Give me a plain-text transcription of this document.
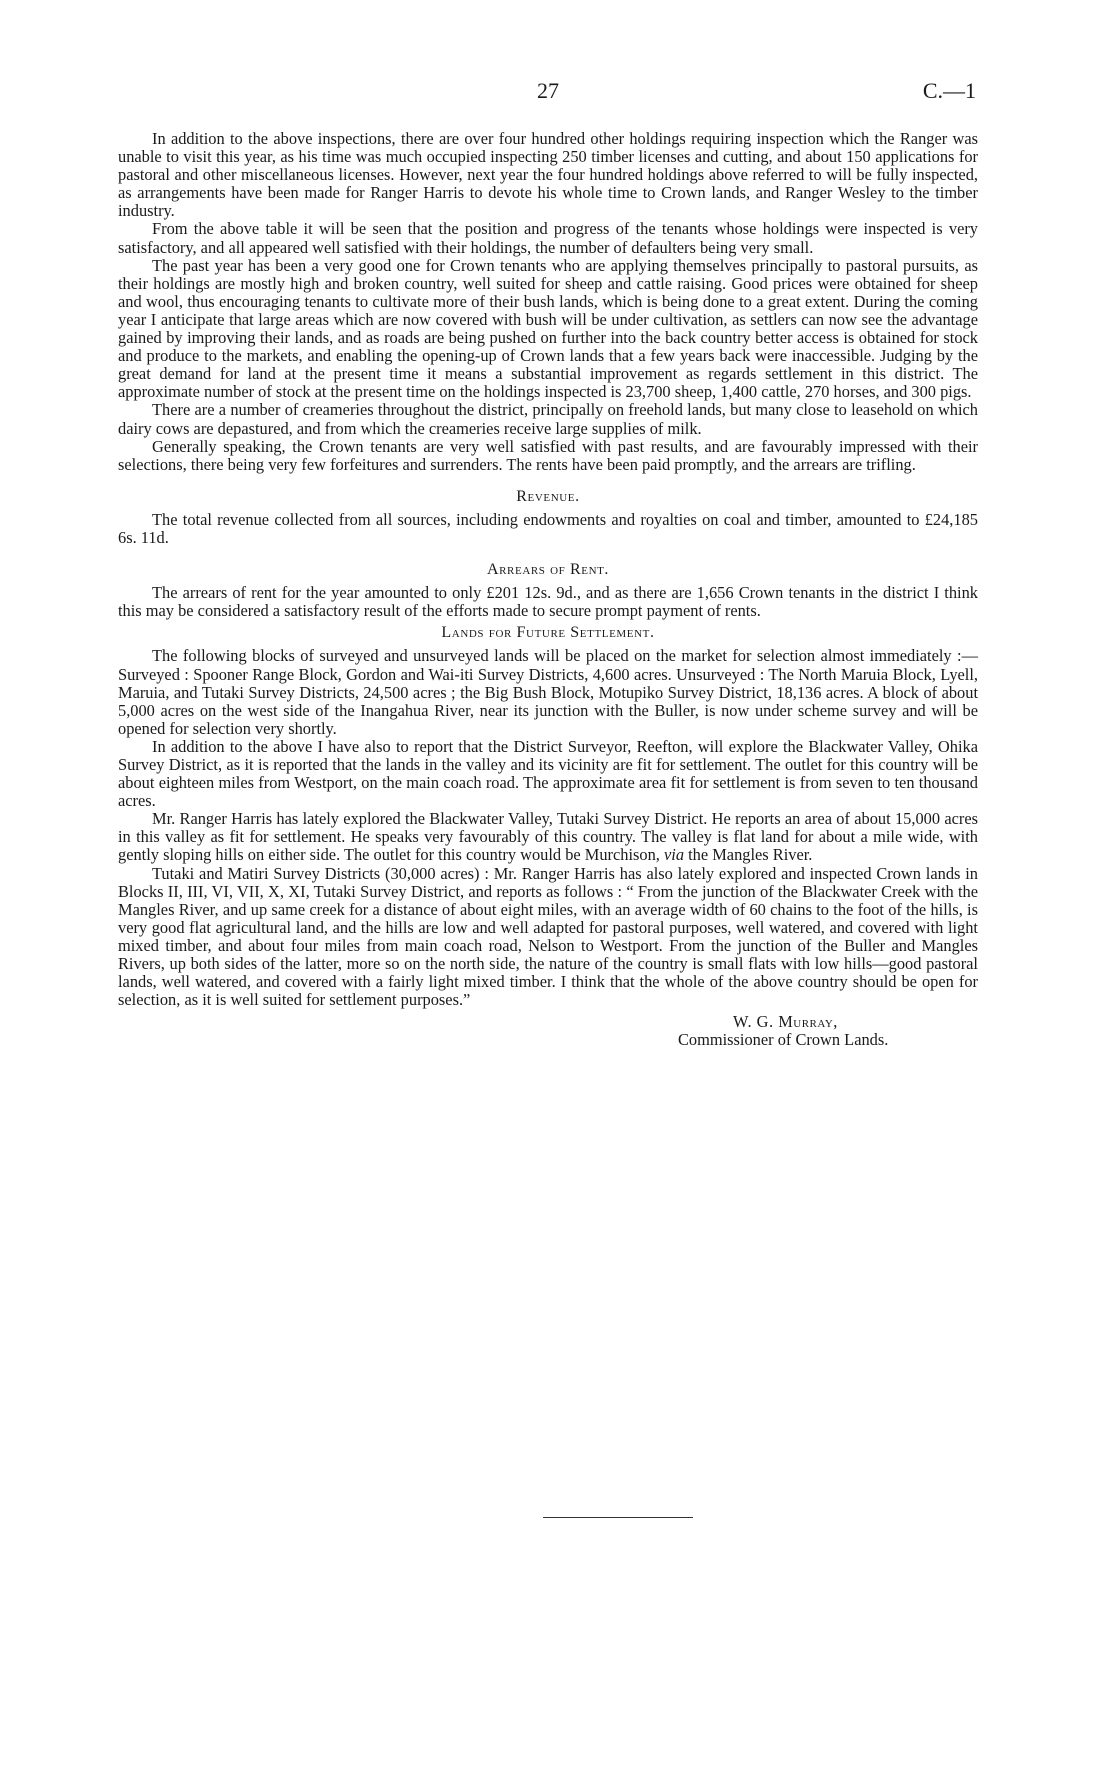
27	C.—1

In addition to the above inspections, there are over four hundred other holdings requiring inspection which the Ranger was unable to visit this year, as his time was much occupied inspecting 250 timber licenses and cutting, and about 150 applications for pastoral and other miscellaneous licenses. However, next year the four hundred holdings above referred to will be fully inspected, as arrangements have been made for Ranger Harris to devote his whole time to Crown lands, and Ranger Wesley to the timber industry.

From the above table it will be seen that the position and progress of the tenants whose holdings were inspected is very satisfactory, and all appeared well satisfied with their holdings, the number of defaulters being very small.

The past year has been a very good one for Crown tenants who are applying themselves principally to pastoral pursuits, as their holdings are mostly high and broken country, well suited for sheep and cattle raising. Good prices were obtained for sheep and wool, thus encouraging tenants to cultivate more of their bush lands, which is being done to a great extent. During the coming year I anticipate that large areas which are now covered with bush will be under cultivation, as settlers can now see the advantage gained by improving their lands, and as roads are being pushed on further into the back country better access is obtained for stock and produce to the markets, and enabling the opening-up of Crown lands that a few years back were inaccessible. Judging by the great demand for land at the present time it means a substantial improvement as regards settlement in this district. The approximate number of stock at the present time on the holdings inspected is 23,700 sheep, 1,400 cattle, 270 horses, and 300 pigs.

There are a number of creameries throughout the district, principally on freehold lands, but many close to leasehold on which dairy cows are depastured, and from which the creameries receive large supplies of milk.

Generally speaking, the Crown tenants are very well satisfied with past results, and are favourably impressed with their selections, there being very few forfeitures and surrenders. The rents have been paid promptly, and the arrears are trifling.

Revenue.

The total revenue collected from all sources, including endowments and royalties on coal and timber, amounted to £24,185 6s. 11d.

Arrears of Rent.

The arrears of rent for the year amounted to only £201 12s. 9d., and as there are 1,656 Crown tenants in the district I think this may be considered a satisfactory result of the efforts made to secure prompt payment of rents.

Lands for Future Settlement.

The following blocks of surveyed and unsurveyed lands will be placed on the market for selection almost immediately :—Surveyed : Spooner Range Block, Gordon and Wai-iti Survey Districts, 4,600 acres. Unsurveyed : The North Maruia Block, Lyell, Maruia, and Tutaki Survey Districts, 24,500 acres ; the Big Bush Block, Motupiko Survey District, 18,136 acres. A block of about 5,000 acres on the west side of the Inangahua River, near its junction with the Buller, is now under scheme survey and will be opened for selection very shortly.

In addition to the above I have also to report that the District Surveyor, Reefton, will explore the Blackwater Valley, Ohika Survey District, as it is reported that the lands in the valley and its vicinity are fit for settlement. The outlet for this country will be about eighteen miles from Westport, on the main coach road. The approximate area fit for settlement is from seven to ten thousand acres.

Mr. Ranger Harris has lately explored the Blackwater Valley, Tutaki Survey District. He reports an area of about 15,000 acres in this valley as fit for settlement. He speaks very favourably of this country. The valley is flat land for about a mile wide, with gently sloping hills on either side. The outlet for this country would be Murchison, via the Mangles River.

Tutaki and Matiri Survey Districts (30,000 acres) : Mr. Ranger Harris has also lately explored and inspected Crown lands in Blocks II, III, VI, VII, X, XI, Tutaki Survey District, and reports as follows : “ From the junction of the Blackwater Creek with the Mangles River, and up same creek for a distance of about eight miles, with an average width of 60 chains to the foot of the hills, is very good flat agricultural land, and the hills are low and well adapted for pastoral purposes, well watered, and covered with light mixed timber, and about four miles from main coach road, Nelson to Westport. From the junction of the Buller and Mangles Rivers, up both sides of the latter, more so on the north side, the nature of the country is small flats with low hills—good pastoral lands, well watered, and covered with a fairly light mixed timber. I think that the whole of the above country should be open for selection, as it is well suited for settlement purposes.”

W. G. Murray,
Commissioner of Crown Lands.
